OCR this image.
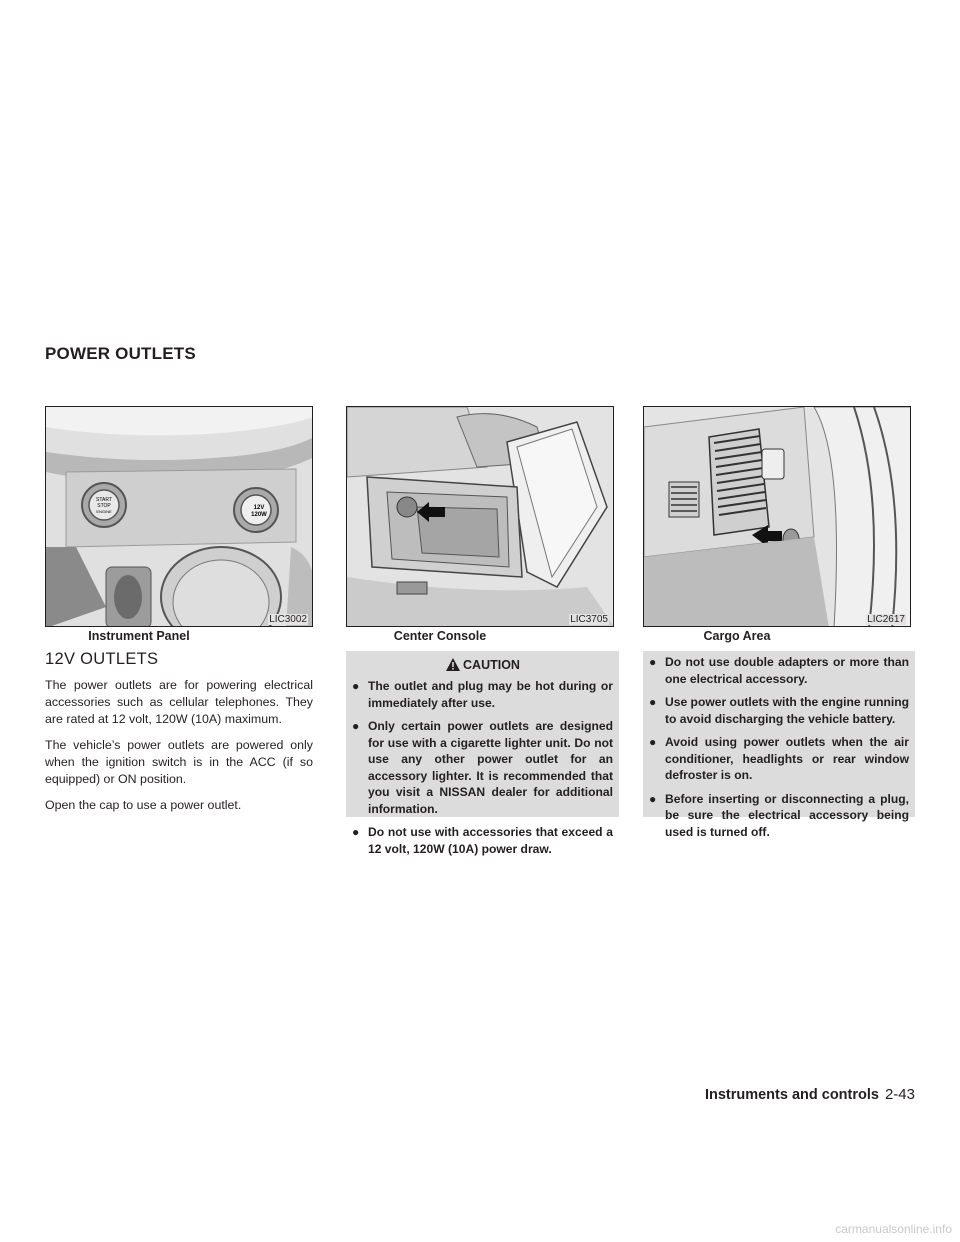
POWER OUTLETS
START
STOP
ENGINE
12V
120W
LIC3002
Instrument Panel
LIC3705
Center Console
LIC2617
Cargo Area
12V OUTLETS

The power outlets are for powering electrical accessories such as cellular telephones. They are rated at 12 volt, 120W (10A) maximum.

The vehicle’s power outlets are powered only when the ignition switch is in the ACC (if so equipped) or ON position.

Open the cap to use a power outlet.

CAUTION
● The outlet and plug may be hot during or immediately after use.
● Only certain power outlets are designed for use with a cigarette lighter unit. Do not use any other power outlet for an accessory lighter. It is recommended that you visit a NISSAN dealer for additional information.
● Do not use with accessories that exceed a 12 volt, 120W (10A) power draw.
● Do not use double adapters or more than one electrical accessory.
● Use power outlets with the engine running to avoid discharging the vehicle battery.
● Avoid using power outlets when the air conditioner, headlights or rear window defroster is on.
● Before inserting or disconnecting a plug, be sure the electrical accessory being used is turned off.
Instruments and controls 2-43
carmanualsonline.info
